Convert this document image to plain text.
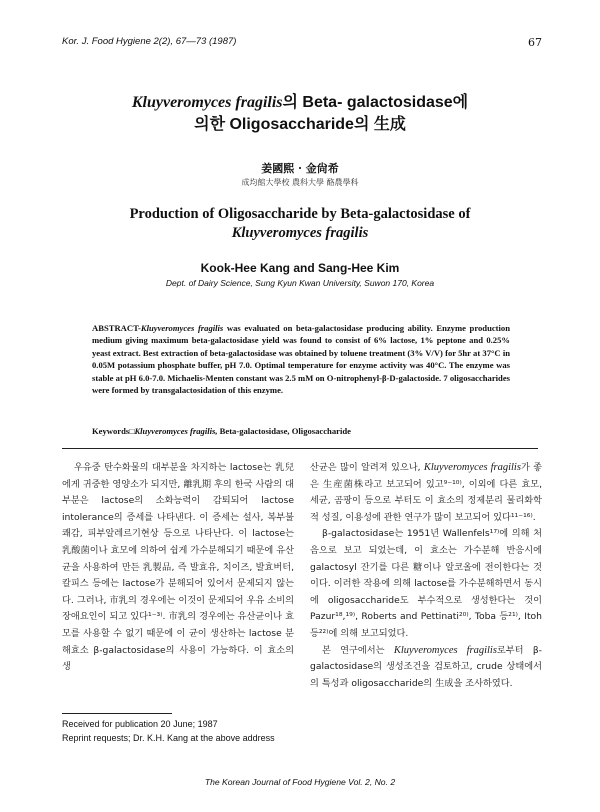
Kor. J. Food Hygiene 2(2), 67—73 (1987)	67
Kluyveromyces fragilis의 Beta- galactosidase에
의한 Oligosaccharide의 生成
姜國熙 · 金尙希
成均館大學校 農科大學 酪農學科
Production of Oligosaccharide by Beta-galactosidase of
Kluyveromyces fragilis
Kook-Hee Kang and Sang-Hee Kim
Dept. of Dairy Science, Sung Kyun Kwan University, Suwon 170, Korea
ABSTRACT-Kluyveromyces fragilis was evaluated on beta-galactosidase producing ability. Enzyme production medium giving maximum beta-galactosidase yield was found to consist of 6% lactose, 1% peptone and 0.25% yeast extract. Best extraction of beta-galactosidase was obtained by toluene treatment (3% V/V) for 5hr at 37°C in 0.05M potassium phosphate buffer, pH 7.0. Optimal temperature for enzyme activity was 40°C. The enzyme was stable at pH 6.0-7.0. Michaelis-Menten constant was 2.5 mM on O-nitrophenyl-β-D-galactoside. 7 oligosaccharides were formed by transgalactosidation of this enzyme.
Keywords□Kluyveromyces fragilis, Beta-galactosidase, Oligosaccharide

우유중 탄수화물의 대부분을 차지하는 lactose는 乳兒에게 귀중한 영양소가 되지만, 離乳期 후의 한국 사람의 대부분은 lactose의 소화능력이 감퇴되어 lactose intolerance의 증세를 나타낸다. 이 증세는 설사, 복부불쾌감, 피부알레르기현상 등으로 나타난다. 이 lactose는 乳酸菌이나 효모에 의하여 쉽게 가수분해되기 때문에 유산균을 사용하여 만든 乳製品, 즉 발효유, 치이즈, 발효버터, 칼피스 등에는 lactose가 분해되어 있어서 문제되지 않는다. 그러나, 市乳의 경우에는 이것이 문제되어 우유 소비의 장애요인이 되고 있다¹⁻³⁾. 市乳의 경우에는 유산균이나 효모를 사용할 수 없기 때문에 이 균이 생산하는 lactose 분해효소 β-galactosidase의 사용이 가능하다. 이 효소의 생

산균은 많이 알려져 있으나, Kluyveromyces fragilis가 좋은 生産菌株라고 보고되어 있고⁹⁻¹⁰⁾, 이외에 다른 효모, 세균, 곰팡이 등으로 부터도 이 효소의 정제분리 물리화학적 성질, 이용성에 관한 연구가 많이 보고되어 있다¹¹⁻¹⁶⁾.

β-galactosidase는 1951년 Wallenfels¹⁷⁾에 의해 처음으로 보고 되었는데, 이 효소는 가수분해 반응시에 galactosyl 잔기를 다른 糖이나 알코올에 전이한다는 것이다. 이러한 작용에 의해 lactose를 가수분해하면서 동시에 oligosaccharide도 부수적으로 생성한다는 것이 Pazur¹⁸,¹⁹⁾, Roberts and Pettinati²⁰⁾, Toba 등²¹⁾, Itoh 등²²⁾에 의해 보고되었다.

본 연구에서는 Kluyveromyces fragilis로부터 β-galactosidase의 생성조건을 검토하고, crude 상태에서의 특성과 oligosaccharide의 生成을 조사하였다.

Received for publication 20 June; 1987
Reprint requests; Dr. K.H. Kang at the above address
The Korean Journal of Food Hygiene Vol. 2, No. 2
